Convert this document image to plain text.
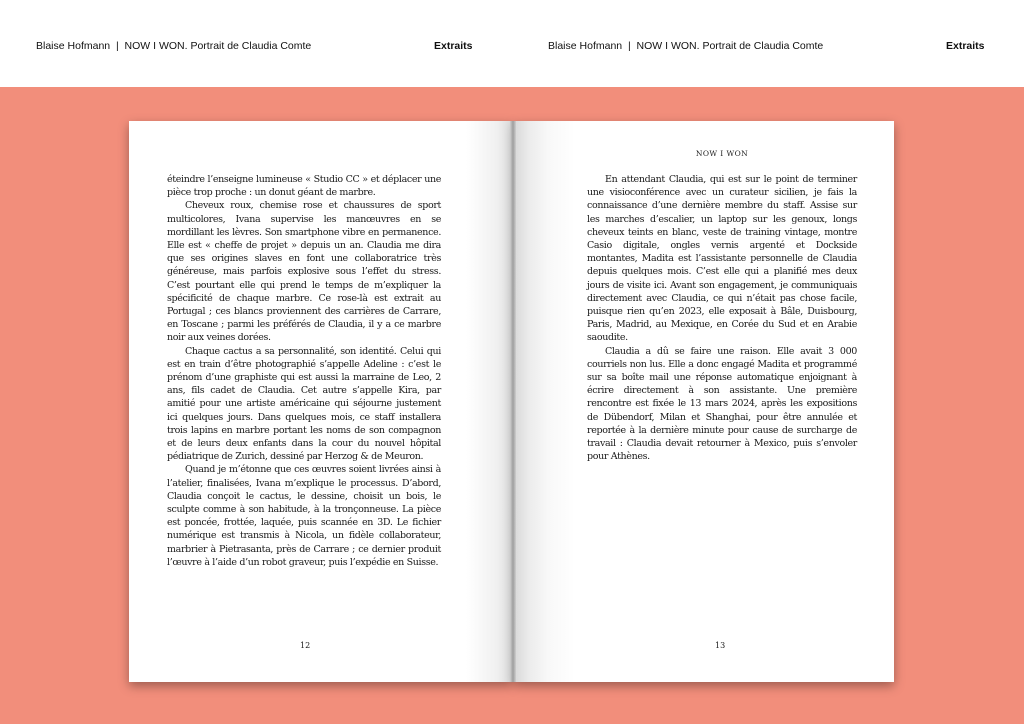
Blaise Hofmann | NOW I WON. Portrait de Claudia Comte	Extraits	Blaise Hofmann | NOW I WON. Portrait de Claudia Comte	Extraits

éteindre l’enseigne lumineuse « Studio CC » et déplacer une pièce trop proche : un donut géant de marbre.

Cheveux roux, chemise rose et chaussures de sport multicolores, Ivana supervise les manœuvres en se mordillant les lèvres. Son smartphone vibre en permanence. Elle est « cheffe de projet » depuis un an. Claudia me dira que ses origines slaves en font une collaboratrice très généreuse, mais parfois explosive sous l’effet du stress. C’est pourtant elle qui prend le temps de m’expliquer la spécificité de chaque marbre. Ce rose-là est extrait au Portugal ; ces blancs proviennent des carrières de Carrare, en Toscane ; parmi les préférés de Claudia, il y a ce marbre noir aux veines dorées.

Chaque cactus a sa personnalité, son identité. Celui qui est en train d’être photographié s’appelle Adeline : c’est le prénom d’une graphiste qui est aussi la marraine de Leo, 2 ans, fils cadet de Claudia. Cet autre s’appelle Kira, par amitié pour une artiste américaine qui séjourne justement ici quelques jours. Dans quelques mois, ce staff installera trois lapins en marbre portant les noms de son compagnon et de leurs deux enfants dans la cour du nouvel hôpital pédiatrique de Zurich, dessiné par Herzog & de Meuron.

Quand je m’étonne que ces œuvres soient livrées ainsi à l’atelier, finalisées, Ivana m’explique le processus. D’abord, Claudia conçoit le cactus, le dessine, choisit un bois, le sculpte comme à son habitude, à la tronçonneuse. La pièce est poncée, frottée, laquée, puis scannée en 3D. Le fichier numérique est transmis à Nicola, un fidèle collaborateur, marbrier à Pietrasanta, près de Carrare ; ce dernier produit l’œuvre à l’aide d’un robot graveur, puis l’expédie en Suisse.

12
NOW I WON

En attendant Claudia, qui est sur le point de terminer une visioconférence avec un curateur sicilien, je fais la connaissance d’une dernière membre du staff. Assise sur les marches d’escalier, un laptop sur les genoux, longs cheveux teints en blanc, veste de training vintage, montre Casio digitale, ongles vernis argenté et Dockside montantes, Madita est l’assistante personnelle de Claudia depuis quelques mois. C’est elle qui a planifié mes deux jours de visite ici. Avant son engagement, je communiquais directement avec Claudia, ce qui n’était pas chose facile, puisque rien qu’en 2023, elle exposait à Bâle, Duisbourg, Paris, Madrid, au Mexique, en Corée du Sud et en Arabie saoudite.

Claudia a dû se faire une raison. Elle avait 3 000 courriels non lus. Elle a donc engagé Madita et programmé sur sa boîte mail une réponse automatique enjoignant à écrire directement à son assistante. Une première rencontre est fixée le 13 mars 2024, après les expositions de Dübendorf, Milan et Shanghai, pour être annulée et reportée à la dernière minute pour cause de surcharge de travail : Claudia devait retourner à Mexico, puis s’envoler pour Athènes.

13
